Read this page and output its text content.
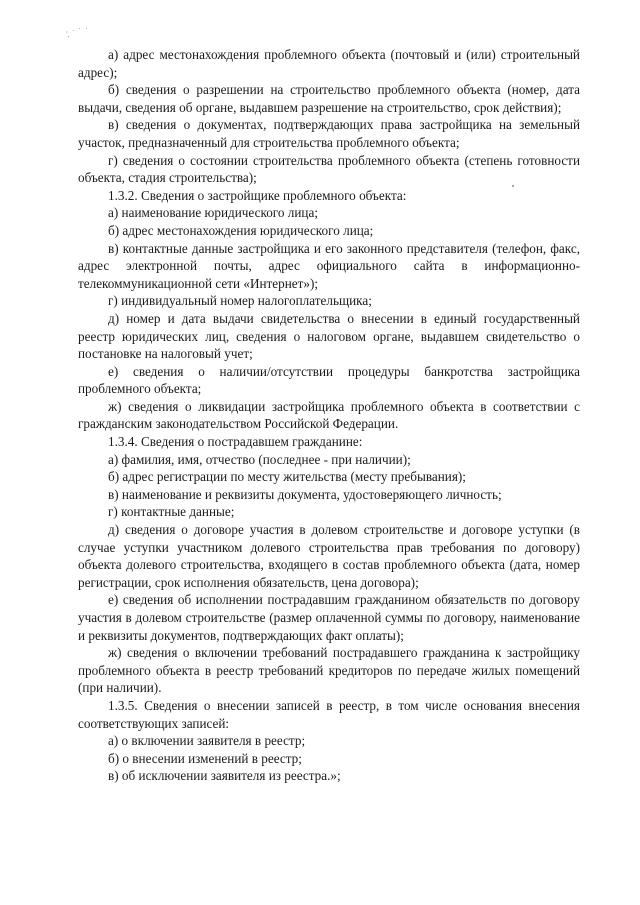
⁚ ˙ ˙ ·

а) адрес местонахождения проблемного объекта (почтовый и (или) строительный адрес);

б) сведения о разрешении на строительство проблемного объекта (номер, дата выдачи, сведения об органе, выдавшем разрешение на строительство, срок действия);

в) сведения о документах, подтверждающих права застройщика на земельный участок, предназначенный для строительства проблемного объекта;

г) сведения о состоянии строительства проблемного объекта (степень готовности объекта, стадия строительства);

1.3.2. Сведения о застройщике проблемного объекта:

а) наименование юридического лица;

б) адрес местонахождения юридического лица;

в) контактные данные застройщика и его законного представителя (телефон, факс, адрес электронной почты, адрес официального сайта в информационно-телекоммуникационной сети «Интернет»);

г) индивидуальный номер налогоплательщика;

д) номер и дата выдачи свидетельства о внесении в единый государственный реестр юридических лиц, сведения о налоговом органе, выдавшем свидетельство о постановке на налоговый учет;

е) сведения о наличии/отсутствии процедуры банкротства застройщика проблемного объекта;

ж) сведения о ликвидации застройщика проблемного объекта в соответствии с гражданским законодательством Российской Федерации.

1.3.4. Сведения о пострадавшем гражданине:

а) фамилия, имя, отчество (последнее - при наличии);

б) адрес регистрации по месту жительства (месту пребывания);

в) наименование и реквизиты документа, удостоверяющего личность;

г) контактные данные;

д) сведения о договоре участия в долевом строительстве и договоре уступки (в случае уступки участником долевого строительства прав требования по договору) объекта долевого строительства, входящего в состав проблемного объекта (дата, номер регистрации, срок исполнения обязательств, цена договора);

е) сведения об исполнении пострадавшим гражданином обязательств по договору участия в долевом строительстве (размер оплаченной суммы по договору, наименование и реквизиты документов, подтверждающих факт оплаты);

ж) сведения о включении требований пострадавшего гражданина к застройщику проблемного объекта в реестр требований кредиторов по передаче жилых помещений (при наличии).

1.3.5. Сведения о внесении записей в реестр, в том числе основания внесения соответствующих записей:

а) о включении заявителя в реестр;

б) о внесении изменений в реестр;

в) об исключении заявителя из реестра.»;
